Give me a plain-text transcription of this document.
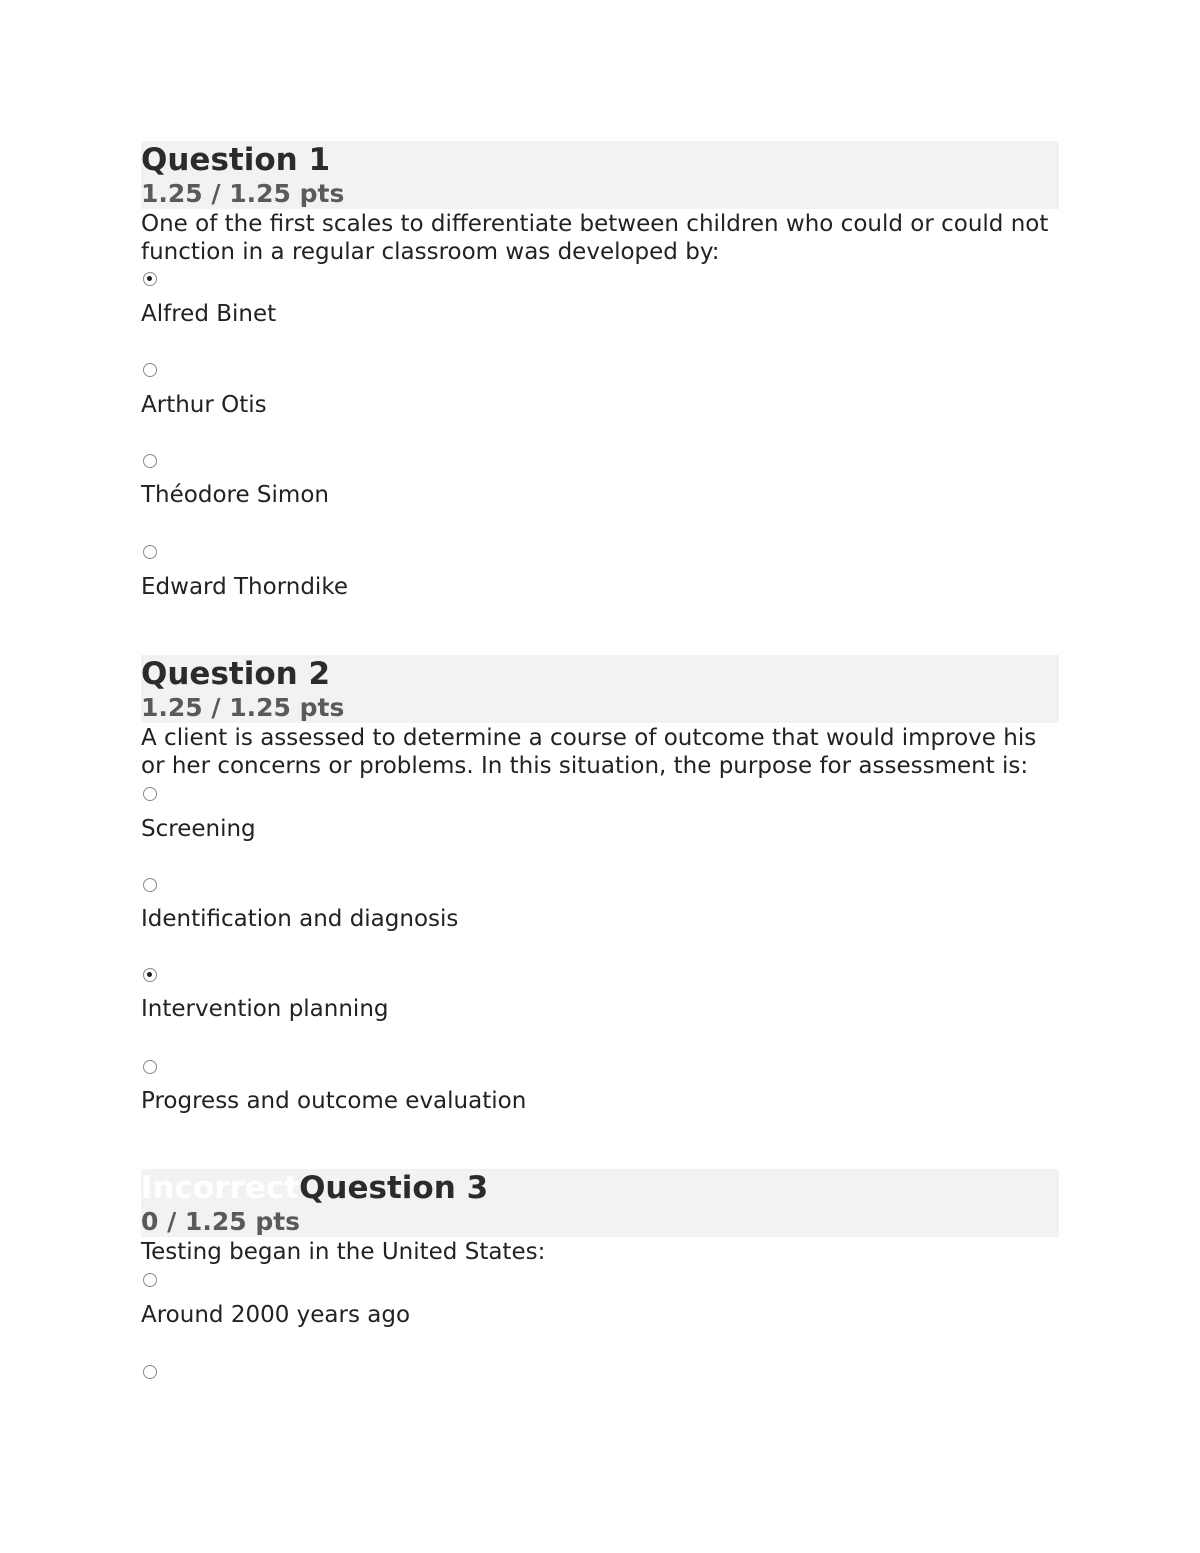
Question 1
1.25 / 1.25 pts

One of the first scales to differentiate between children who could or could not function in a regular classroom was developed by:

Alfred Binet
Arthur Otis
Théodore Simon
Edward Thorndike
Question 2
1.25 / 1.25 pts

A client is assessed to determine a course of outcome that would improve his or her concerns or problems. In this situation, the purpose for assessment is:

Screening
Identification and diagnosis
Intervention planning
Progress and outcome evaluation
IncorrectQuestion 3
0 / 1.25 pts

Testing began in the United States:

Around 2000 years ago
